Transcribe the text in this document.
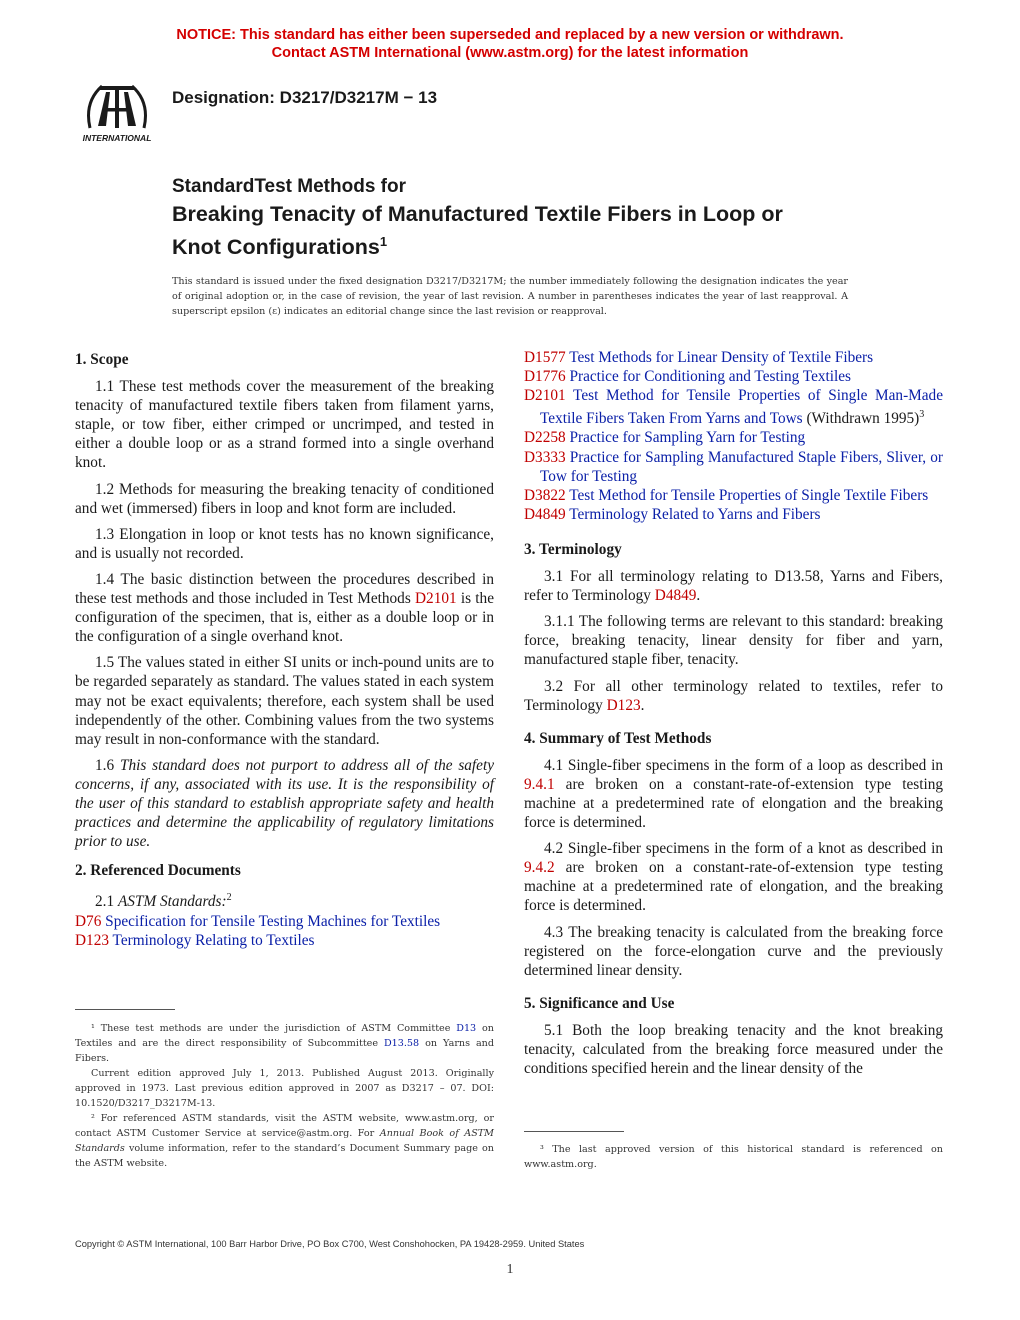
NOTICE: This standard has either been superseded and replaced by a new version or withdrawn.
Contact ASTM International (www.astm.org) for the latest information
INTERNATIONAL
Designation: D3217/D3217M − 13
StandardTest Methods for
Breaking Tenacity of Manufactured Textile Fibers in Loop or
Knot Configurations$^1$
This standard is issued under the fixed designation D3217/D3217M; the number immediately following the designation indicates the year of original adoption or, in the case of revision, the year of last revision. A number in parentheses indicates the year of last reapproval. A superscript epsilon (ε) indicates an editorial change since the last revision or reapproval.
1. Scope

1.1 These test methods cover the measurement of the breaking tenacity of manufactured textile fibers taken from filament yarns, staple, or tow fiber, either crimped or uncrimped, and tested in either a double loop or as a strand formed into a single overhand knot.

1.2 Methods for measuring the breaking tenacity of conditioned and wet (immersed) fibers in loop and knot form are included.

1.3 Elongation in loop or knot tests has no known significance, and is usually not recorded.

1.4 The basic distinction between the procedures described in these test methods and those included in Test Methods D2101 is the configuration of the specimen, that is, either as a double loop or in the configuration of a single overhand knot.

1.5 The values stated in either SI units or inch-pound units are to be regarded separately as standard. The values stated in each system may not be exact equivalents; therefore, each system shall be used independently of the other. Combining values from the two systems may result in non-conformance with the standard.

1.6 This standard does not purport to address all of the safety concerns, if any, associated with its use. It is the responsibility of the user of this standard to establish appropriate safety and health practices and determine the applicability of regulatory limitations prior to use.

2. Referenced Documents

2.1 ASTM Standards:$^2$

D76 Specification for Tensile Testing Machines for Textiles
D123 Terminology Relating to Textiles
D1577 Test Methods for Linear Density of Textile Fibers
D1776 Practice for Conditioning and Testing Textiles
D2101 Test Method for Tensile Properties of Single Man-Made Textile Fibers Taken From Yarns and Tows (Withdrawn 1995)$^3$
D2258 Practice for Sampling Yarn for Testing
D3333 Practice for Sampling Manufactured Staple Fibers, Sliver, or Tow for Testing
D3822 Test Method for Tensile Properties of Single Textile Fibers
D4849 Terminology Related to Yarns and Fibers
3. Terminology

3.1 For all terminology relating to D13.58, Yarns and Fibers, refer to Terminology D4849.

3.1.1 The following terms are relevant to this standard: breaking force, breaking tenacity, linear density for fiber and yarn, manufactured staple fiber, tenacity.

3.2 For all other terminology related to textiles, refer to Terminology D123.

4. Summary of Test Methods

4.1 Single-fiber specimens in the form of a loop as described in 9.4.1 are broken on a constant-rate-of-extension type testing machine at a predetermined rate of elongation and the breaking force is determined.

4.2 Single-fiber specimens in the form of a knot as described in 9.4.2 are broken on a constant-rate-of-extension type testing machine at a predetermined rate of elongation, and the breaking force is determined.

4.3 The breaking tenacity is calculated from the breaking force registered on the force-elongation curve and the previously determined linear density.

5. Significance and Use

5.1 Both the loop breaking tenacity and the knot breaking tenacity, calculated from the breaking force measured under the conditions specified herein and the linear density of the

¹ These test methods are under the jurisdiction of ASTM Committee D13 on Textiles and are the direct responsibility of Subcommittee D13.58 on Yarns and Fibers.

Current edition approved July 1, 2013. Published August 2013. Originally approved in 1973. Last previous edition approved in 2007 as D3217 – 07. DOI: 10.1520/D3217_D3217M-13.

² For referenced ASTM standards, visit the ASTM website, www.astm.org, or contact ASTM Customer Service at service@astm.org. For Annual Book of ASTM Standards volume information, refer to the standard’s Document Summary page on the ASTM website.

³ The last approved version of this historical standard is referenced on www.astm.org.

Copyright © ASTM International, 100 Barr Harbor Drive, PO Box C700, West Conshohocken, PA 19428-2959. United States
1
